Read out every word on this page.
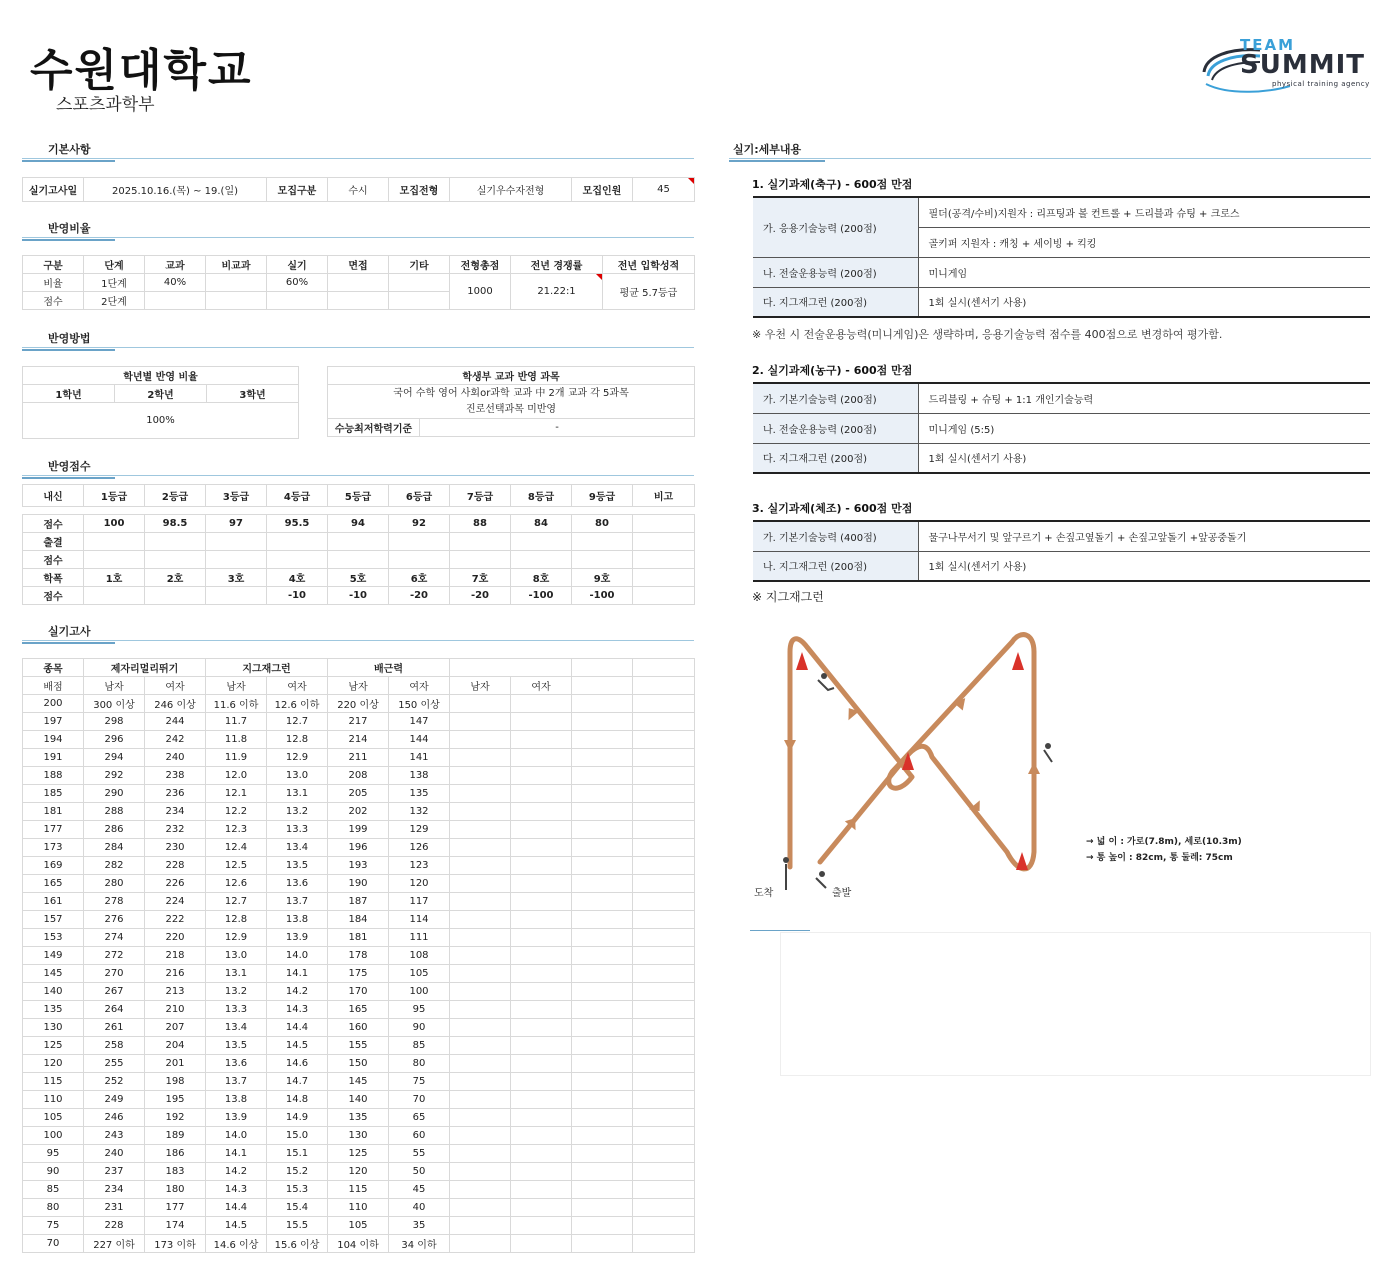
수원대학교
스포츠과학부
TEAM
SUMMIT
physical training agency
기본사항
실기고사일	2025.10.16.(목) ~ 19.(일)	모집구분	수시	모집전형	실기우수자전형	모집인원	45
반영비율
구분	단계	교과	비교과	실기	면접	기타	전형총점	전년 경쟁률	전년 입학성적
비율	1단계	40%		60%			1000	21.22:1	평균 5.7등급
점수	2단계								
반영방법
학년별 반영 비율
1학년	2학년	3학년
100%
학생부 교과 반영 과목

국어 수학 영어 사회or과학 교과 中 2개 교과 각 5과목
진로선택과목 미반영

수능최저학력기준	-
반영점수
내신	1등급	2등급	3등급	4등급	5등급	6등급	7등급	8등급	9등급	비고

점수	100	98.5	97	95.5	94	92	88	84	80	
출결										
점수										
학폭	1호	2호	3호	4호	5호	6호	7호	8호	9호	
점수				-10	-10	-20	-20	-100	-100	
실기고사
종목	제자리멀리뛰기		지그재그런		배근력					
배점	남자	여자	남자	여자	남자	여자	남자	여자		
200	300 이상	246 이상	11.6 이하	12.6 이하	220 이상	150 이상				
197	298	244	11.7	12.7	217	147				
194	296	242	11.8	12.8	214	144				
191	294	240	11.9	12.9	211	141				
188	292	238	12.0	13.0	208	138				
185	290	236	12.1	13.1	205	135				
181	288	234	12.2	13.2	202	132				
177	286	232	12.3	13.3	199	129				
173	284	230	12.4	13.4	196	126				
169	282	228	12.5	13.5	193	123				
165	280	226	12.6	13.6	190	120				
161	278	224	12.7	13.7	187	117				
157	276	222	12.8	13.8	184	114				
153	274	220	12.9	13.9	181	111				
149	272	218	13.0	14.0	178	108				
145	270	216	13.1	14.1	175	105				
140	267	213	13.2	14.2	170	100				
135	264	210	13.3	14.3	165	95				
130	261	207	13.4	14.4	160	90				
125	258	204	13.5	14.5	155	85				
120	255	201	13.6	14.6	150	80				
115	252	198	13.7	14.7	145	75				
110	249	195	13.8	14.8	140	70				
105	246	192	13.9	14.9	135	65				
100	243	189	14.0	15.0	130	60				
95	240	186	14.1	15.1	125	55				
90	237	183	14.2	15.2	120	50				
85	234	180	14.3	15.3	115	45				
80	231	177	14.4	15.4	110	40				
75	228	174	14.5	15.5	105	35				
70	227 이하	173 이하	14.6 이상	15.6 이상	104 이하	34 이하				
실기:세부내용
1. 실기과제(축구) - 600점 만점
가. 응용기술능력 (200점)	필더(공격/수비)지원자 : 리프팅과 볼 컨트롤 + 드리블과 슈팅 + 크로스
	골키퍼 지원자 : 캐칭 + 세이빙 + 킥킹
나. 전술운용능력 (200점)	미니게임
다. 지그재그런 (200점)	1회 실시(센서기 사용)
※ 우천 시 전술운용능력(미니게임)은 생략하며, 응용기술능력 점수를 400점으로 변경하여 평가함.
2. 실기과제(농구) - 600점 만점
가. 기본기술능력 (200점)	드리블링 + 슈팅 + 1:1 개인기술능력
나. 전술운용능력 (200점)	미니게임 (5:5)
다. 지그재그런 (200점)	1회 실시(센서기 사용)
3. 실기과제(체조) - 600점 만점
가. 기본기술능력 (400점)	물구나무서기 및 앞구르기 + 손짚고옆돌기 + 손짚고앞돌기 +앞공중돌기
나. 지그재그런 (200점)	1회 실시(센서기 사용)
※ 지그재그런
도착	출발
→ 넓 이 : 가로(7.8m), 세로(10.3m)
→ 통 높이 : 82cm, 통 둘레: 75cm
